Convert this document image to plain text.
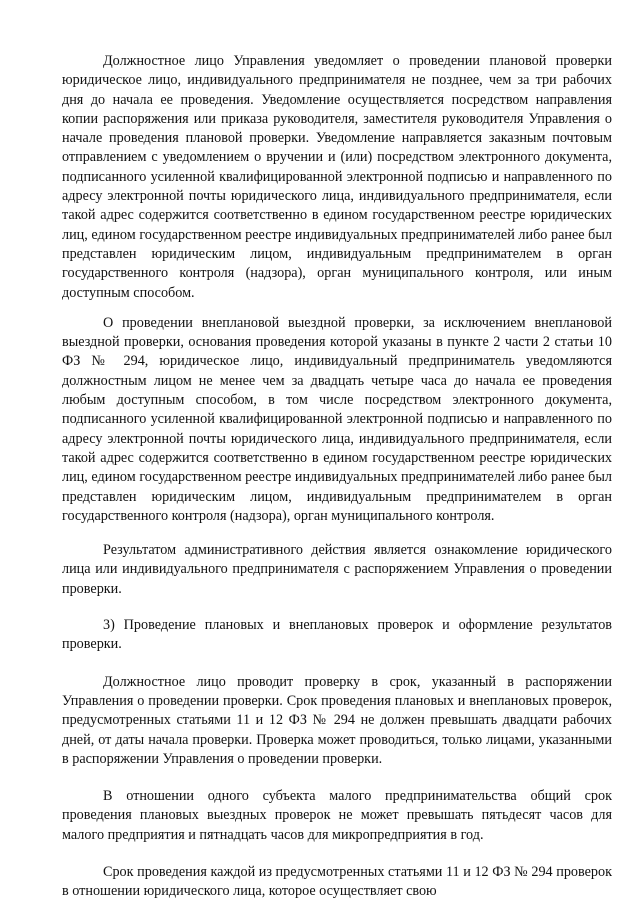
Должностное лицо Управления уведомляет о проведении плановой проверки юридическое лицо, индивидуального предпринимателя не позднее, чем за три рабочих дня до начала ее проведения. Уведомление осуществляется посредством направления копии распоряжения или приказа руководителя, заместителя руководителя Управления о начале проведения плановой проверки. Уведомление направляется заказным почтовым отправлением с уведомлением о вручении и (или) посредством электронного документа, подписанного усиленной квалифицированной электронной подписью и направленного по адресу электронной почты юридического лица, индивидуального предпринимателя, если такой адрес содержится соответственно в едином государственном реестре юридических лиц, едином государственном реестре индивидуальных предпринимателей либо ранее был представлен юридическим лицом, индивидуальным предпринимателем в орган государственного контроля (надзора), орган муниципального контроля, или иным доступным способом.

О проведении внеплановой выездной проверки, за исключением внеплановой выездной проверки, основания проведения которой указаны в пункте 2 части 2 статьи 10 ФЗ № 294, юридическое лицо, индивидуальный предприниматель уведомляются должностным лицом не менее чем за двадцать четыре часа до начала ее проведения любым доступным способом, в том числе посредством электронного документа, подписанного усиленной квалифицированной электронной подписью и направленного по адресу электронной почты юридического лица, индивидуального предпринимателя, если такой адрес содержится соответственно в едином государственном реестре юридических лиц, едином государственном реестре индивидуальных предпринимателей либо ранее был представлен юридическим лицом, индивидуальным предпринимателем в орган государственного контроля (надзора), орган муниципального контроля.

Результатом административного действия является ознакомление юридического лица или индивидуального предпринимателя с распоряжением Управления о проведении проверки.

3) Проведение плановых и внеплановых проверок и оформление результатов проверки.

Должностное лицо проводит проверку в срок, указанный в распоряжении Управления о проведении проверки. Срок проведения плановых и внеплановых проверок, предусмотренных статьями 11 и 12 ФЗ № 294 не должен превышать двадцати рабочих дней, от даты начала проверки. Проверка может проводиться, только лицами, указанными в распоряжении Управления о проведении проверки.

В отношении одного субъекта малого предпринимательства общий срок проведения плановых выездных проверок не может превышать пятьдесят часов для малого предприятия и пятнадцать часов для микропредприятия в год.

Срок проведения каждой из предусмотренных статьями 11 и 12 ФЗ № 294 проверок в отношении юридического лица, которое осуществляет свою
